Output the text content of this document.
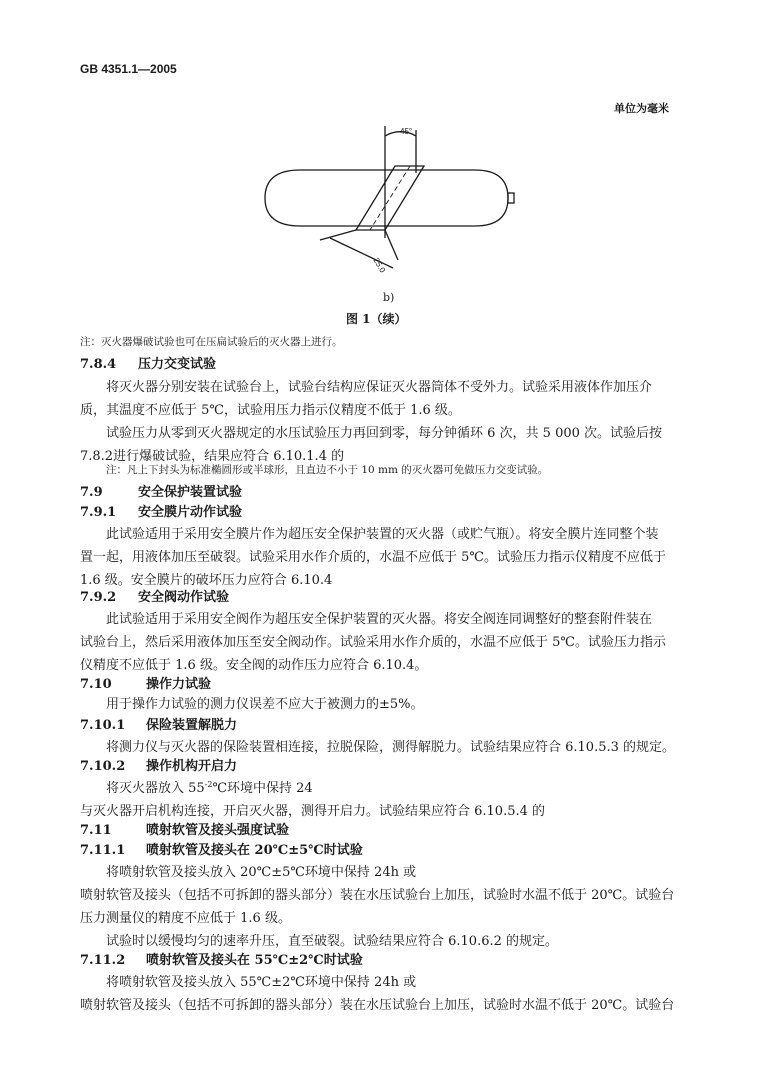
GB 4351.1—2005
单位为毫米
45°
25.0
b)
图 1（续）
注：灭火器爆破试验也可在压扁试验后的灭火器上进行。
7.8.4 压力交变试验
将灭火器分别安装在试验台上，试验台结构应保证灭火器筒体不受外力。试验采用液体作加压介
质，其温度不应低于 5℃，试验用压力指示仪精度不低于 1.6 级。
试验压力从零到灭火器规定的水压试验压力再回到零，每分钟循环 6 次，共 5 000 次。试验后按
7.8.2进行爆破试验，结果应符合 6.10.1.4 的
注：凡上下封头为标准椭圆形或半球形，且直边不小于 10 mm 的灭火器可免做压力交变试验。
7.9	安全保护装置试验
7.9.1 安全膜片动作试验
此试验适用于采用安全膜片作为超压安全保护装置的灭火器（或贮气瓶）。将安全膜片连同整个装
置一起，用液体加压至破裂。试验采用水作介质的，水温不应低于 5℃。试验压力指示仪精度不应低于
1.6 级。安全膜片的破坏压力应符合 6.10.4
7.9.2 安全阀动作试验
此试验适用于采用安全阀作为超压安全保护装置的灭火器。将安全阀连同调整好的整套附件装在
试验台上，然后采用液体加压至安全阀动作。试验采用水作介质的，水温不应低于 5℃。试验压力指示
仪精度不应低于 1.6 级。安全阀的动作压力应符合 6.10.4。
7.10	操作力试验
用于操作力试验的测力仪误差不应大于被测力的±5%。
7.10.1 保险装置解脱力
将测力仪与灭火器的保险装置相连接，拉脱保险，测得解脱力。试验结果应符合 6.10.5.3 的规定。
7.10.2 操作机构开启力
将灭火器放入 $55^{-2}℃$环境中保持 24
与灭火器开启机构连接，开启灭火器，测得开启力。试验结果应符合 6.10.5.4 的
7.11	喷射软管及接头强度试验
7.11.1 喷射软管及接头在 20℃±5℃时试验
将喷射软管及接头放入 20℃±5℃环境中保持 24h 或
喷射软管及接头（包括不可拆卸的器头部分）装在水压试验台上加压，试验时水温不低于 20℃。试验台
压力测量仪的精度不应低于 1.6 级。
试验时以缓慢均匀的速率升压，直至破裂。试验结果应符合 6.10.6.2 的规定。
7.11.2 喷射软管及接头在 55℃±2℃时试验
将喷射软管及接头放入 55℃±2℃环境中保持 24h 或
喷射软管及接头（包括不可拆卸的器头部分）装在水压试验台上加压，试验时水温不低于 20℃。试验台
